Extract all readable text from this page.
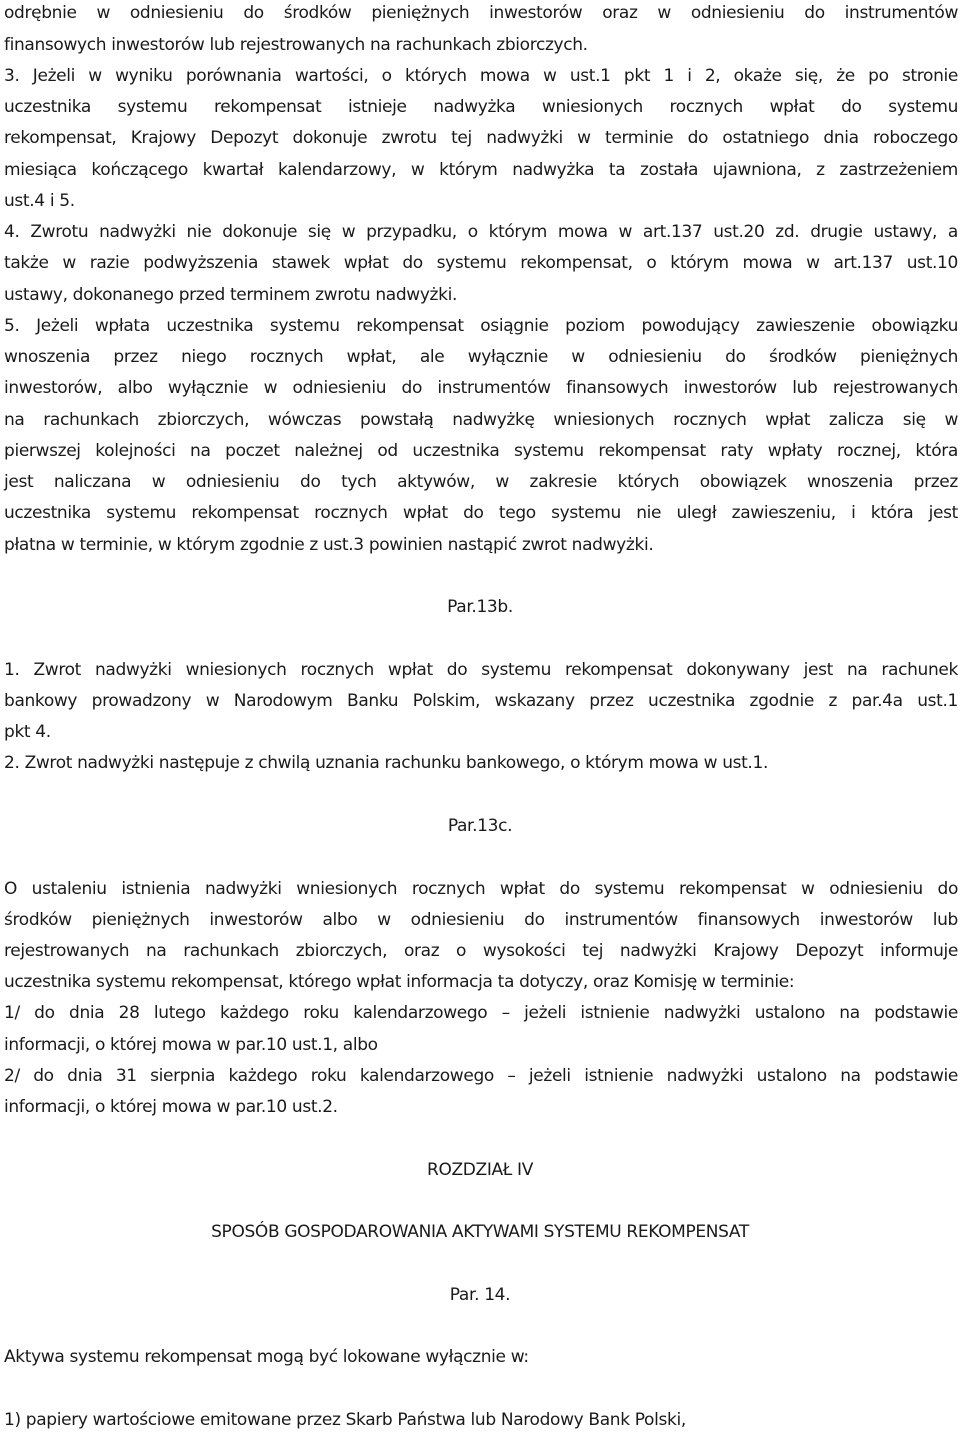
odrębnie w odniesieniu do środków pieniężnych inwestorów oraz w odniesieniu do instrumentów
finansowych inwestorów lub rejestrowanych na rachunkach zbiorczych.
3. Jeżeli w wyniku porównania wartości, o których mowa w ust.1 pkt 1 i 2, okaże się, że po stronie
uczestnika systemu rekompensat istnieje nadwyżka wniesionych rocznych wpłat do systemu
rekompensat, Krajowy Depozyt dokonuje zwrotu tej nadwyżki w terminie do ostatniego dnia roboczego
miesiąca kończącego kwartał kalendarzowy, w którym nadwyżka ta została ujawniona, z zastrzeżeniem
ust.4 i 5.
4. Zwrotu nadwyżki nie dokonuje się w przypadku, o którym mowa w art.137 ust.20 zd. drugie ustawy, a
także w razie podwyższenia stawek wpłat do systemu rekompensat, o którym mowa w art.137 ust.10
ustawy, dokonanego przed terminem zwrotu nadwyżki.
5. Jeżeli wpłata uczestnika systemu rekompensat osiągnie poziom powodujący zawieszenie obowiązku
wnoszenia przez niego rocznych wpłat, ale wyłącznie w odniesieniu do środków pieniężnych
inwestorów, albo wyłącznie w odniesieniu do instrumentów finansowych inwestorów lub rejestrowanych
na rachunkach zbiorczych, wówczas powstałą nadwyżkę wniesionych rocznych wpłat zalicza się w
pierwszej kolejności na poczet należnej od uczestnika systemu rekompensat raty wpłaty rocznej, która
jest naliczana w odniesieniu do tych aktywów, w zakresie których obowiązek wnoszenia przez
uczestnika systemu rekompensat rocznych wpłat do tego systemu nie uległ zawieszeniu, i która jest
płatna w terminie, w którym zgodnie z ust.3 powinien nastąpić zwrot nadwyżki.
Par.13b.
1. Zwrot nadwyżki wniesionych rocznych wpłat do systemu rekompensat dokonywany jest na rachunek
bankowy prowadzony w Narodowym Banku Polskim, wskazany przez uczestnika zgodnie z par.4a ust.1
pkt 4.
2. Zwrot nadwyżki następuje z chwilą uznania rachunku bankowego, o którym mowa w ust.1.
Par.13c.
O ustaleniu istnienia nadwyżki wniesionych rocznych wpłat do systemu rekompensat w odniesieniu do
środków pieniężnych inwestorów albo w odniesieniu do instrumentów finansowych inwestorów lub
rejestrowanych na rachunkach zbiorczych, oraz o wysokości tej nadwyżki Krajowy Depozyt informuje
uczestnika systemu rekompensat, którego wpłat informacja ta dotyczy, oraz Komisję w terminie:
1/ do dnia 28 lutego każdego roku kalendarzowego – jeżeli istnienie nadwyżki ustalono na podstawie
informacji, o której mowa w par.10 ust.1, albo
2/ do dnia 31 sierpnia każdego roku kalendarzowego – jeżeli istnienie nadwyżki ustalono na podstawie
informacji, o której mowa w par.10 ust.2.
ROZDZIAŁ IV
SPOSÓB GOSPODAROWANIA AKTYWAMI SYSTEMU REKOMPENSAT
Par. 14.
Aktywa systemu rekompensat mogą być lokowane wyłącznie w:
1) papiery wartościowe emitowane przez Skarb Państwa lub Narodowy Bank Polski,
